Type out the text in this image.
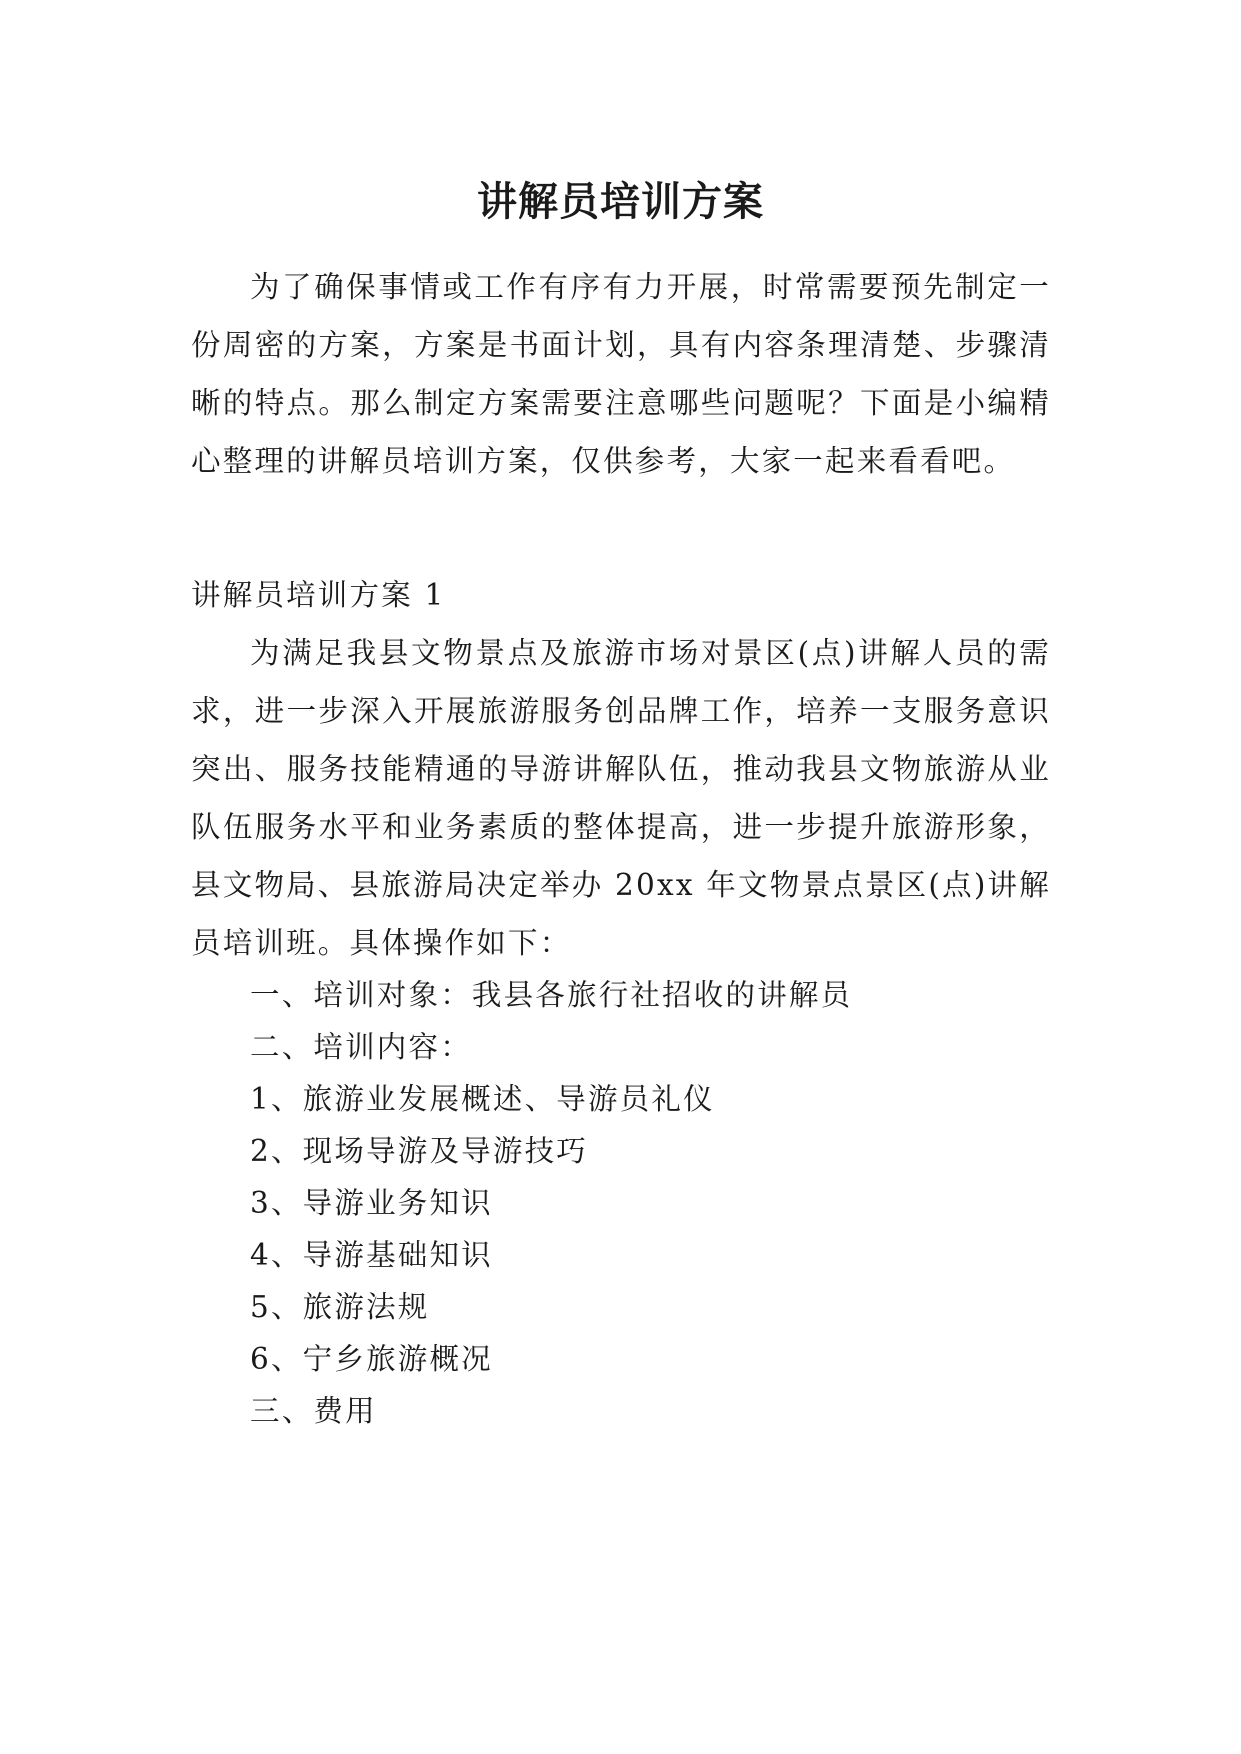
讲解员培训方案

为了确保事情或工作有序有力开展，时常需要预先制定一份周密的方案，方案是书面计划，具有内容条理清楚、步骤清晰的特点。那么制定方案需要注意哪些问题呢？下面是小编精心整理的讲解员培训方案，仅供参考，大家一起来看看吧。

讲解员培训方案 1

为满足我县文物景点及旅游市场对景区(点)讲解人员的需求，进一步深入开展旅游服务创品牌工作，培养一支服务意识突出、服务技能精通的导游讲解队伍，推动我县文物旅游从业队伍服务水平和业务素质的整体提高，进一步提升旅游形象，县文物局、县旅游局决定举办 20xx 年文物景点景区(点)讲解员培训班。具体操作如下：

一、培训对象：我县各旅行社招收的讲解员

二、培训内容：

1、旅游业发展概述、导游员礼仪

2、现场导游及导游技巧

3、导游业务知识

4、导游基础知识

5、旅游法规

6、宁乡旅游概况

三、费用
